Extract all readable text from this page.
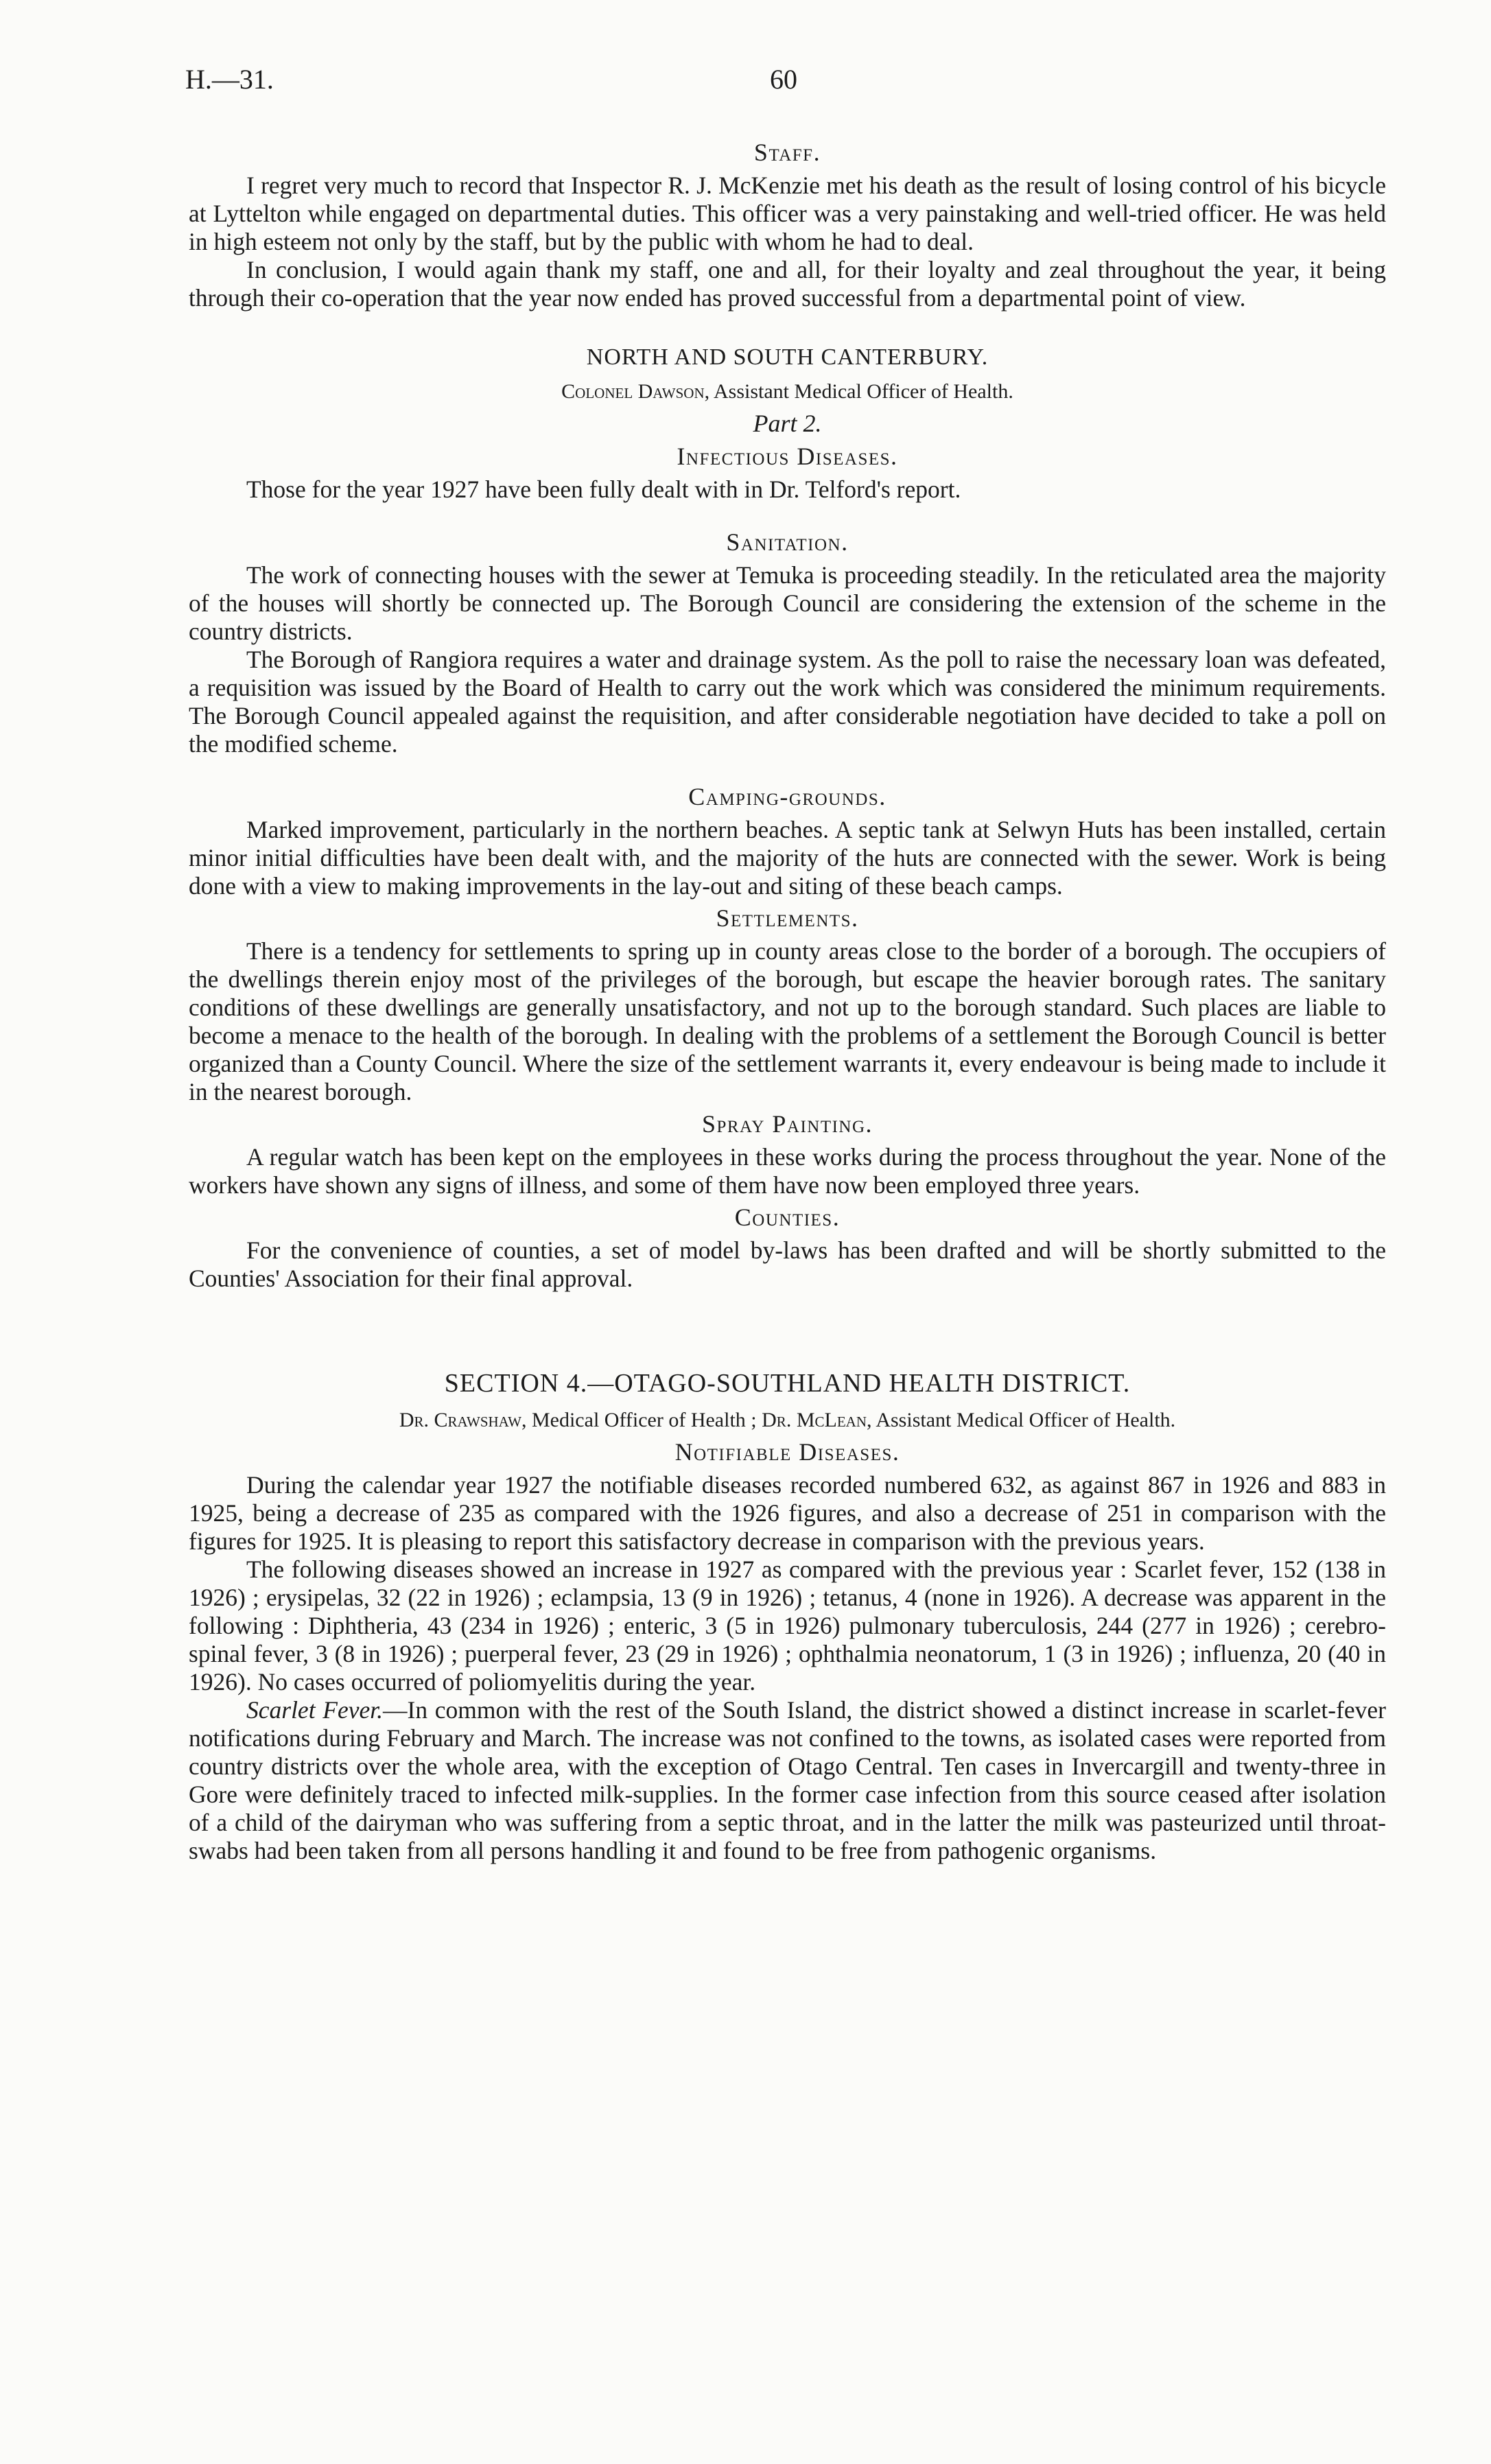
H.—31.	60
Staff.

I regret very much to record that Inspector R. J. McKenzie met his death as the result of losing control of his bicycle at Lyttelton while engaged on departmental duties. This officer was a very painstaking and well-tried officer. He was held in high esteem not only by the staff, but by the public with whom he had to deal.

In conclusion, I would again thank my staff, one and all, for their loyalty and zeal throughout the year, it being through their co-operation that the year now ended has proved successful from a departmental point of view.

NORTH AND SOUTH CANTERBURY.
Colonel Dawson, Assistant Medical Officer of Health.
Part 2.
Infectious Diseases.

Those for the year 1927 have been fully dealt with in Dr. Telford's report.

Sanitation.

The work of connecting houses with the sewer at Temuka is proceeding steadily. In the reticulated area the majority of the houses will shortly be connected up. The Borough Council are considering the extension of the scheme in the country districts.

The Borough of Rangiora requires a water and drainage system. As the poll to raise the necessary loan was defeated, a requisition was issued by the Board of Health to carry out the work which was considered the minimum requirements. The Borough Council appealed against the requisition, and after considerable negotiation have decided to take a poll on the modified scheme.

Camping-grounds.

Marked improvement, particularly in the northern beaches. A septic tank at Selwyn Huts has been installed, certain minor initial difficulties have been dealt with, and the majority of the huts are connected with the sewer. Work is being done with a view to making improvements in the lay-out and siting of these beach camps.

Settlements.

There is a tendency for settlements to spring up in county areas close to the border of a borough. The occupiers of the dwellings therein enjoy most of the privileges of the borough, but escape the heavier borough rates. The sanitary conditions of these dwellings are generally unsatisfactory, and not up to the borough standard. Such places are liable to become a menace to the health of the borough. In dealing with the problems of a settlement the Borough Council is better organized than a County Council. Where the size of the settlement warrants it, every endeavour is being made to include it in the nearest borough.

Spray Painting.

A regular watch has been kept on the employees in these works during the process throughout the year. None of the workers have shown any signs of illness, and some of them have now been employed three years.

Counties.

For the convenience of counties, a set of model by-laws has been drafted and will be shortly submitted to the Counties' Association for their final approval.

SECTION 4.—OTAGO-SOUTHLAND HEALTH DISTRICT.
Dr. Crawshaw, Medical Officer of Health ; Dr. McLean, Assistant Medical Officer of Health.
Notifiable Diseases.

During the calendar year 1927 the notifiable diseases recorded numbered 632, as against 867 in 1926 and 883 in 1925, being a decrease of 235 as compared with the 1926 figures, and also a decrease of 251 in comparison with the figures for 1925. It is pleasing to report this satisfactory decrease in comparison with the previous years.

The following diseases showed an increase in 1927 as compared with the previous year : Scarlet fever, 152 (138 in 1926) ; erysipelas, 32 (22 in 1926) ; eclampsia, 13 (9 in 1926) ; tetanus, 4 (none in 1926). A decrease was apparent in the following : Diphtheria, 43 (234 in 1926) ; enteric, 3 (5 in 1926) pulmonary tuberculosis, 244 (277 in 1926) ; cerebro-spinal fever, 3 (8 in 1926) ; puerperal fever, 23 (29 in 1926) ; ophthalmia neonatorum, 1 (3 in 1926) ; influenza, 20 (40 in 1926). No cases occurred of poliomyelitis during the year.

Scarlet Fever.—In common with the rest of the South Island, the district showed a distinct increase in scarlet-fever notifications during February and March. The increase was not confined to the towns, as isolated cases were reported from country districts over the whole area, with the exception of Otago Central. Ten cases in Invercargill and twenty-three in Gore were definitely traced to infected milk-supplies. In the former case infection from this source ceased after isolation of a child of the dairyman who was suffering from a septic throat, and in the latter the milk was pasteurized until throat-swabs had been taken from all persons handling it and found to be free from pathogenic organisms.
